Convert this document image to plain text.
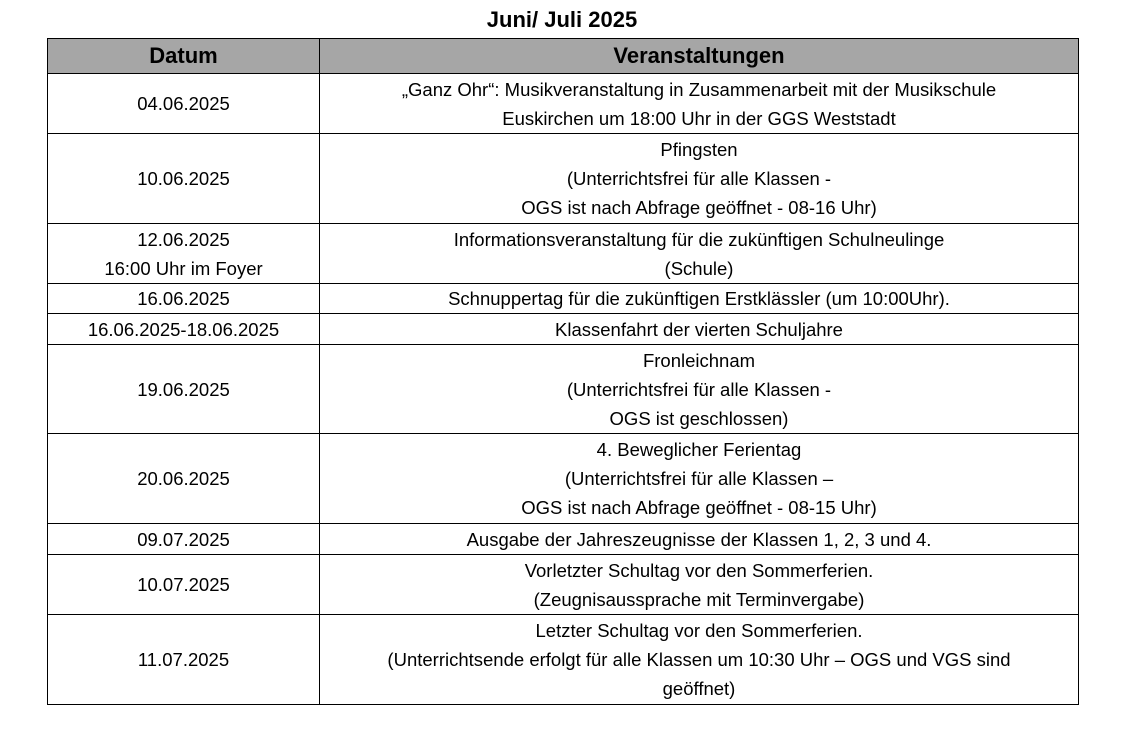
Juni/ Juli 2025
Datum	Veranstaltungen

04.06.2025	„Ganz Ohr“: Musikveranstaltung in Zusammenarbeit mit der Musikschule
Euskirchen um 18:00 Uhr in der GGS Weststadt

10.06.2025	Pfingsten
(Unterrichtsfrei für alle Klassen -
OGS ist nach Abfrage geöffnet - 08-16 Uhr)

12.06.2025
16:00 Uhr im Foyer	Informationsveranstaltung für die zukünftigen Schulneulinge
(Schule)

16.06.2025	Schnuppertag für die zukünftigen Erstklässler (um 10:00Uhr).

16.06.2025-18.06.2025	Klassenfahrt der vierten Schuljahre

19.06.2025	Fronleichnam
(Unterrichtsfrei für alle Klassen -
OGS ist geschlossen)

20.06.2025	4. Beweglicher Ferientag
(Unterrichtsfrei für alle Klassen –
OGS ist nach Abfrage geöffnet - 08-15 Uhr)

09.07.2025	Ausgabe der Jahreszeugnisse der Klassen 1, 2, 3 und 4.

10.07.2025	Vorletzter Schultag vor den Sommerferien.
(Zeugnisaussprache mit Terminvergabe)

11.07.2025	Letzter Schultag vor den Sommerferien.
(Unterrichtsende erfolgt für alle Klassen um 10:30 Uhr – OGS und VGS sind
geöffnet)
